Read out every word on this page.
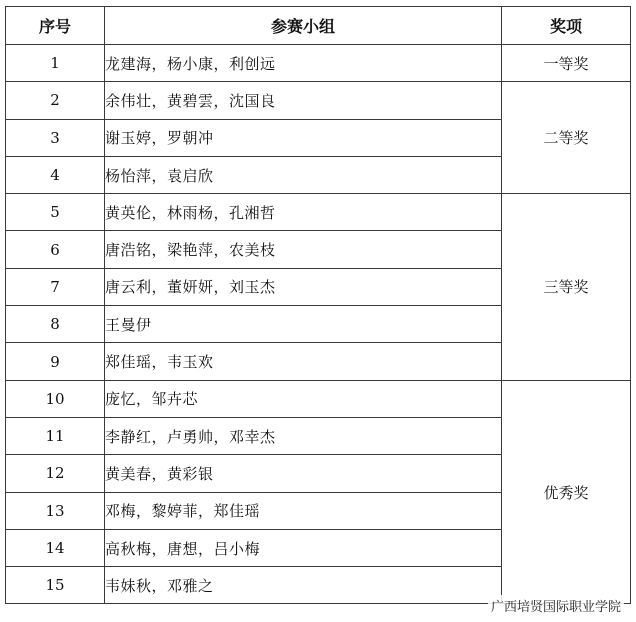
序号	参赛小组	奖项
1	龙建海，杨小康，利创远	一等奖
2	余伟壮，黄碧雲，沈国良	二等奖
3	谢玉婷，罗朝冲	
4	杨怡萍，袁启欣	
5	黄英伦，林雨杨，孔湘哲	三等奖
6	唐浩铭，梁艳萍，农美枝	
7	唐云利，董妍妍，刘玉杰	
8	王曼伊	
9	郑佳瑶，韦玉欢	
10	庞忆，邹卉芯	优秀奖
11	李静红，卢勇帅，邓幸杰	
12	黄美春，黄彩银	
13	邓梅，黎婷菲，郑佳瑶	
14	高秋梅，唐想，吕小梅	
15	韦妹秋，邓雅之	
广西培贤国际职业学院
